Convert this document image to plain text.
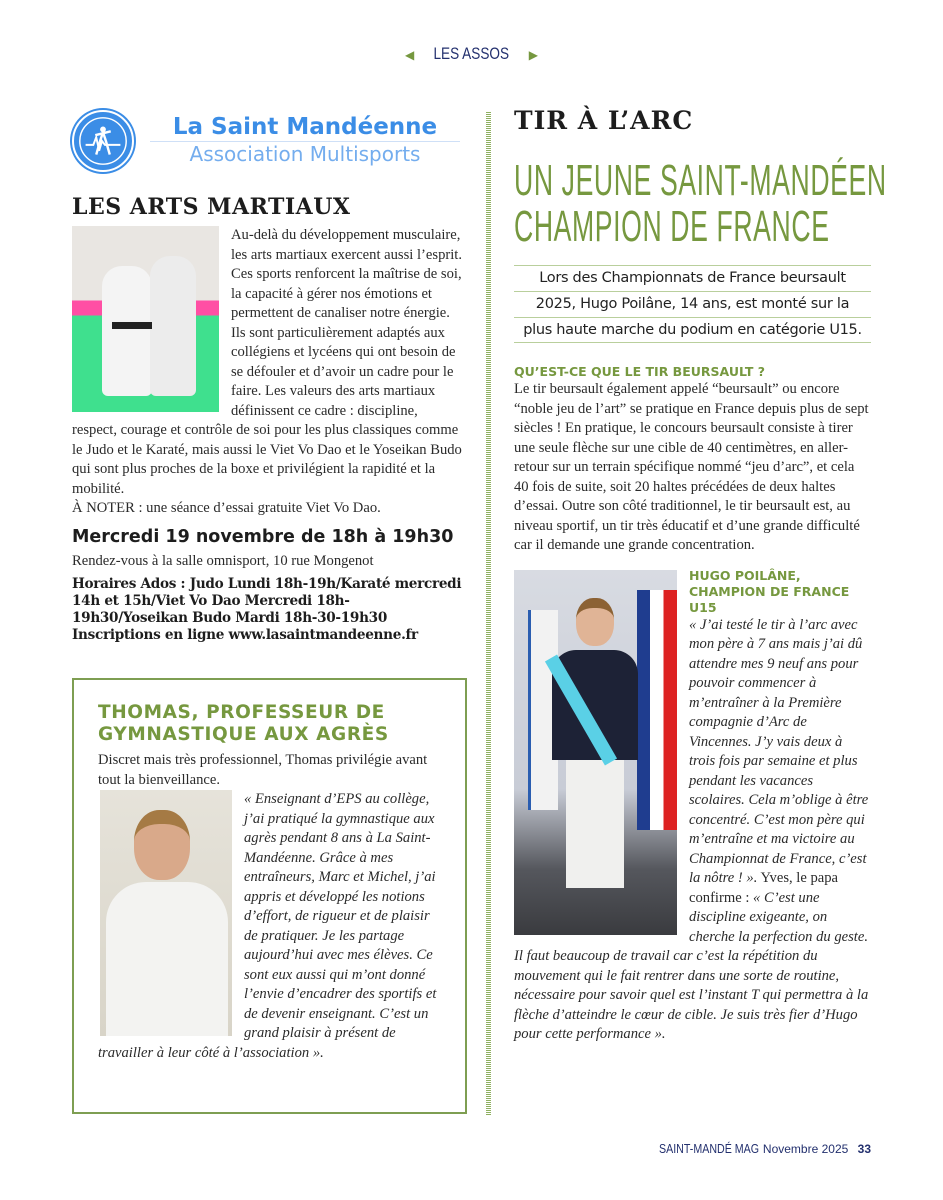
◀ LES ASSOS ▶
La Saint Mandéenne
Association Multisports
LES ARTS MARTIAUX

Au-delà du développement musculaire, les arts martiaux exercent aussi l’esprit. Ces sports renforcent la maîtrise de soi, la capacité à gérer nos émotions et permettent de canaliser notre énergie. Ils sont particulièrement adaptés aux collégiens et lycéens qui ont besoin de se défouler et d’avoir un cadre pour le faire. Les valeurs des arts martiaux définissent ce cadre : discipline, respect, courage et contrôle de soi pour les plus classiques comme le Judo et le Karaté, mais aussi le Viet Vo Dao et le Yoseikan Budo qui sont plus proches de la boxe et privilégient la rapidité et la mobilité.

À NOTER : une séance d’essai gratuite Viet Vo Dao.

Mercredi 19 novembre de 18h à 19h30
Rendez-vous à la salle omnisport, 10 rue Mongenot
Horaires Ados : Judo Lundi 18h-19h/Karaté mercredi 14h et 15h/Viet Vo Dao Mercredi 18h-19h30/Yoseikan Budo Mardi 18h-30-19h30
Inscriptions en ligne www.lasaintmandeenne.fr
THOMAS, PROFESSEUR DE GYMNASTIQUE AUX AGRÈS

Discret mais très professionnel, Thomas privilégie avant tout la bienveillance.

« Enseignant d’EPS au collège, j’ai pratiqué la gymnastique aux agrès pendant 8 ans à La Saint-Mandéenne. Grâce à mes entraîneurs, Marc et Michel, j’ai appris et développé les notions d’effort, de rigueur et de plaisir de pratiquer. Je les partage aujourd’hui avec mes élèves. Ce sont eux aussi qui m’ont donné l’envie d’encadrer des sportifs et de devenir enseignant. C’est un grand plaisir à présent de travailler à leur côté à l’association ».

TIR À L’ARC
UN JEUNE SAINT-MANDÉEN
CHAMPION DE FRANCE
Lors des Championnats de France beursault
2025, Hugo Poilâne, 14 ans, est monté sur la
plus haute marche du podium en catégorie U15.
QU’EST-CE QUE LE TIR BEURSAULT ?

Le tir beursault également appelé “beursault” ou encore “noble jeu de l’art” se pratique en France depuis plus de sept siècles ! En pratique, le concours beursault consiste à tirer une seule flèche sur une cible de 40 centimètres, en aller-retour sur un terrain spécifique nommé “jeu d’arc”, et cela 40 fois de suite, soit 20 haltes précédées de deux haltes d’essai. Outre son côté traditionnel, le tir beursault est, au niveau sportif, un tir très éducatif et d’une grande difficulté car il demande une grande concentration.

HUGO POILÂNE, CHAMPION DE FRANCE U15

« J’ai testé le tir à l’arc avec mon père à 7 ans mais j’ai dû attendre mes 9 neuf ans pour pouvoir commencer à m’entraîner à la Première compagnie d’Arc de Vincennes. J’y vais deux à trois fois par semaine et plus pendant les vacances scolaires. Cela m’oblige à être concentré. C’est mon père qui m’entraîne et ma victoire au Championnat de France, c’est la nôtre ! ». Yves, le papa confirme : « C’est une discipline exigeante, on cherche la perfection du geste. Il faut beaucoup de travail car c’est la répétition du mouvement qui le fait rentrer dans une sorte de routine, nécessaire pour savoir quel est l’instant T qui permettra à la flèche d’atteindre le cœur de cible. Je suis très fier d’Hugo pour cette performance ».

SAINT-MANDÉ MAG Novembre 2025 33
